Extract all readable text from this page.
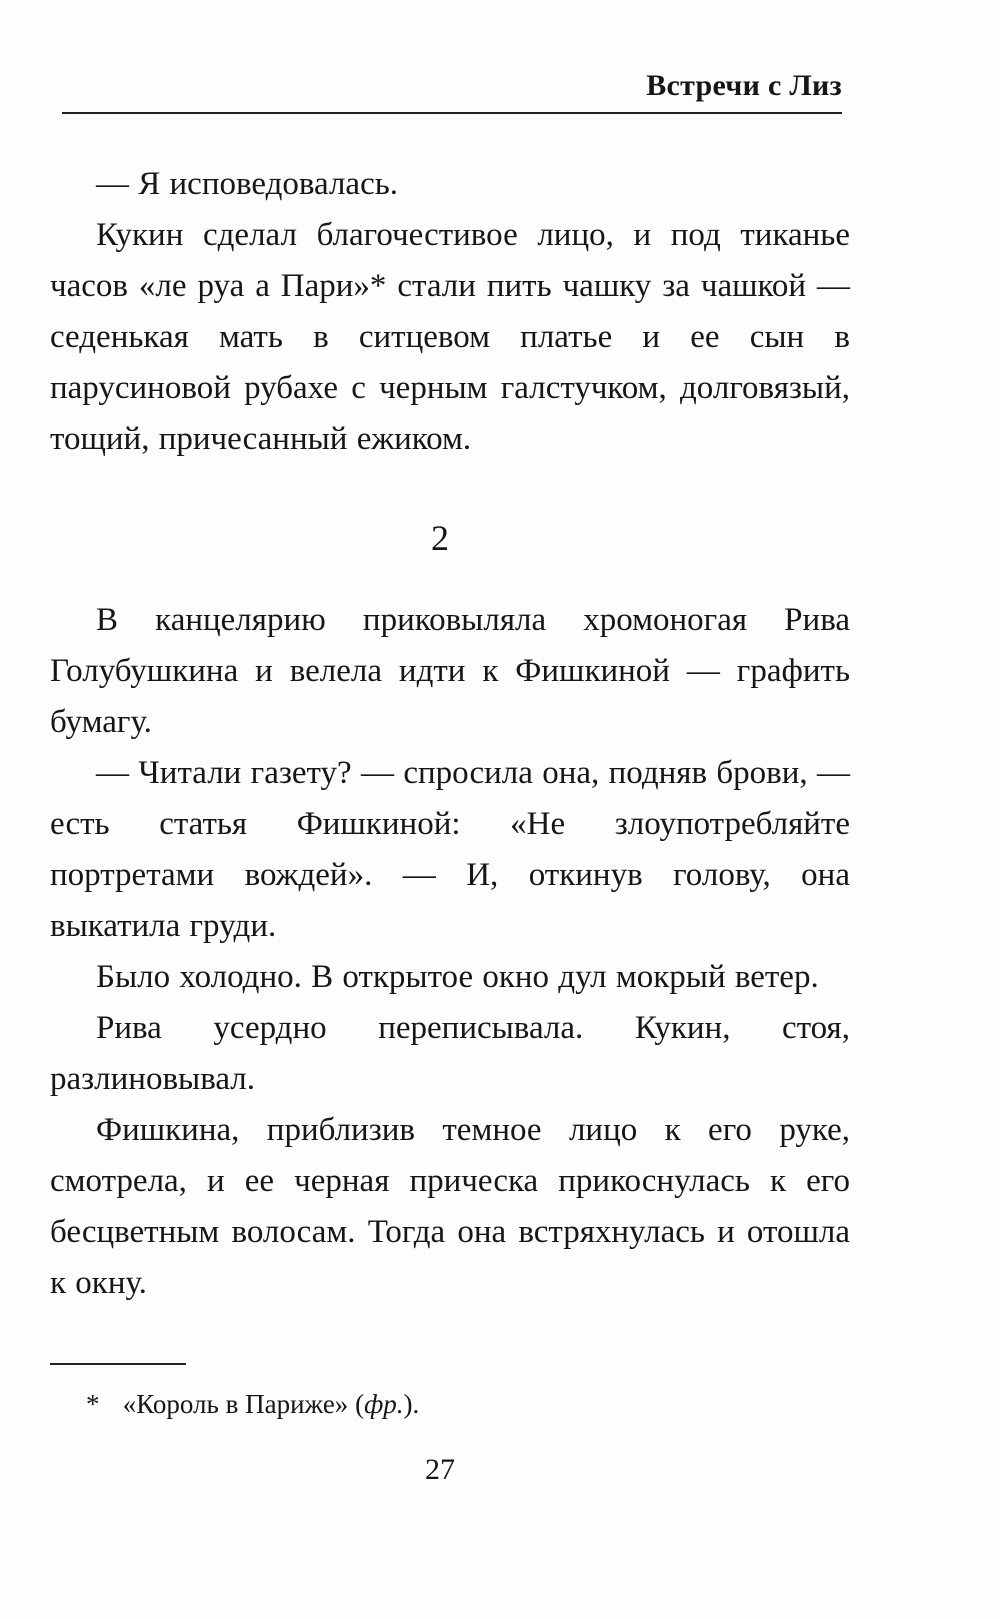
Встречи с Лиз

— Я исповедовалась.

Кукин сделал благочестивое лицо, и под тиканье часов «ле руа а Пари»* стали пить чашку за чашкой — седенькая мать в ситцевом платье и ее сын в парусиновой рубахе с черным галстучком, долговязый, тощий, причесанный ежиком.

2

В канцелярию приковыляла хромоногая Рива Голубушкина и велела идти к Фишкиной — графить бумагу.

— Читали газету? — спросила она, подняв брови, — есть статья Фишкиной: «Не злоупотребляйте портретами вождей». — И, откинув голову, она выкатила груди.

Было холодно. В открытое окно дул мокрый ветер.

Рива усердно переписывала. Кукин, стоя, разлиновывал.

Фишкина, приблизив темное лицо к его руке, смотрела, и ее черная прическа прикоснулась к его бесцветным волосам. Тогда она встряхнулась и отошла к окну.

* «Король в Париже» (фр.).
27
